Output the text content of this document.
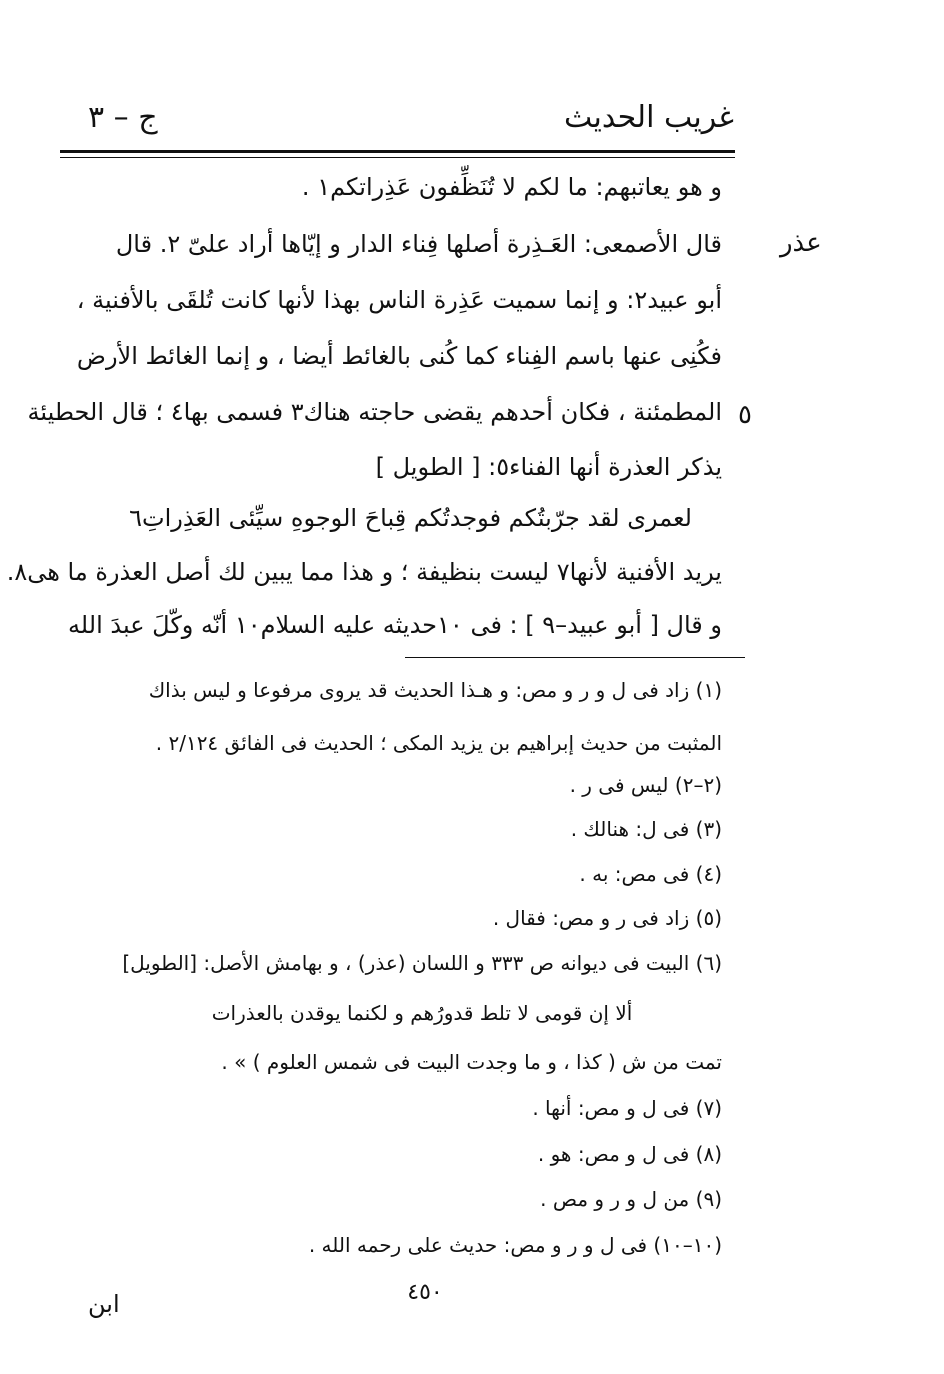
غريب الحديث
ج – ٣
عذر
٥
و هو يعاتبهم: ما لكم لا تُنَظِّفون عَذِراتكم١ .
قال الأصمعى: العَـذِرة أصلها فِناء الدار و إيّاها أراد علىّ ٢. قال
أبو عبيد٢: و إنما سميت عَذِرة الناس بهذا لأنها كانت تُلقَى بالأفنية ،
فكُنِى عنها باسم الفِناء كما كُنى بالغائط أيضا ، و إنما الغائط الأرض
المطمئنة ، فكان أحدهم يقضى حاجته هناك٣ فسمى بها٤ ؛ قال الحطيئة
يذكر العذرة أنها الفناء٥: [ الطويل ]
لعمرى لقد جرّبتُكم فوجدتُكم قِباحَ الوجوهِ سيِّئى العَذِراتِ٦
يريد الأفنية لأنها٧ ليست بنظيفة ؛ و هذا مما يبين لك أصل العذرة ما هى٨.
و قال [ أبو عبيد–٩ ] : فى ١٠حديثه عليه السلام١٠ أنّه وكّلَ عبدَ الله
(١) زاد فى ل و ر و مص: و هـذا الحديث قد يروى مرفوعا و ليس بذاك
المثبت من حديث إبراهيم بن يزيد المكى ؛ الحديث فى الفائق ٢/١٢٤ .
(٢–٢) ليس فى ر .
(٣) فى ل: هنالك .
(٤) فى مص: به .
(٥) زاد فى ر و مص: فقال .
(٦) البيت فى ديوانه ص ٣٣٣ و اللسان (عذر) ، و بهامش الأصل: [الطويل]
ألا إن قومى لا تلط قدورُهم و لكنما يوقدن بالعذرات
تمت من ش ( كذا ، و ما وجدت البيت فى شمس العلوم ) » .
(٧) فى ل و مص: أنها .
(٨) فى ل و مص: هو .
(٩) من ل و ر و مص .
(١٠–١٠) فى ل و ر و مص: حديث على رحمه الله .
٤٥٠
ابن
